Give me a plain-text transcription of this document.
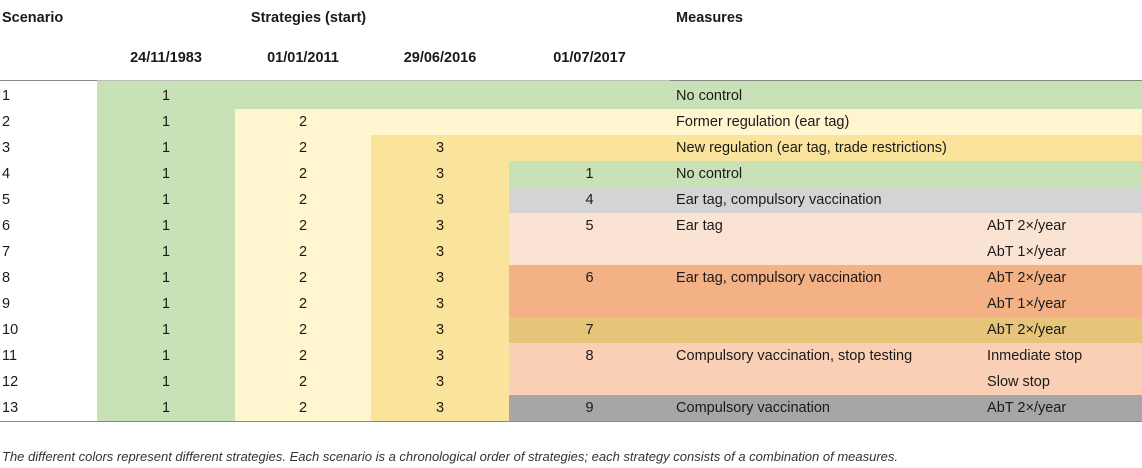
Scenario	Strategies (start)				Measures	
	24/11/1983	01/01/2011	29/06/2016	01/07/2017		

1	1				No control	
2	1	2			Former regulation (ear tag)	
3	1	2	3		New regulation (ear tag, trade restrictions)	
4	1	2	3	1	No control	
5	1	2	3	4	Ear tag, compulsory vaccination	
6	1	2	3	5	Ear tag	AbT 2×/year
7	1	2	3			AbT 1×/year
8	1	2	3	6	Ear tag, compulsory vaccination	AbT 2×/year
9	1	2	3			AbT 1×/year
10	1	2	3	7		AbT 2×/year
11	1	2	3	8	Compulsory vaccination, stop testing	Inmediate stop
12	1	2	3			Slow stop
13	1	2	3	9	Compulsory vaccination	AbT 2×/year

The different colors represent different strategies. Each scenario is a chronological order of strategies; each strategy consists of a combination of measures.
